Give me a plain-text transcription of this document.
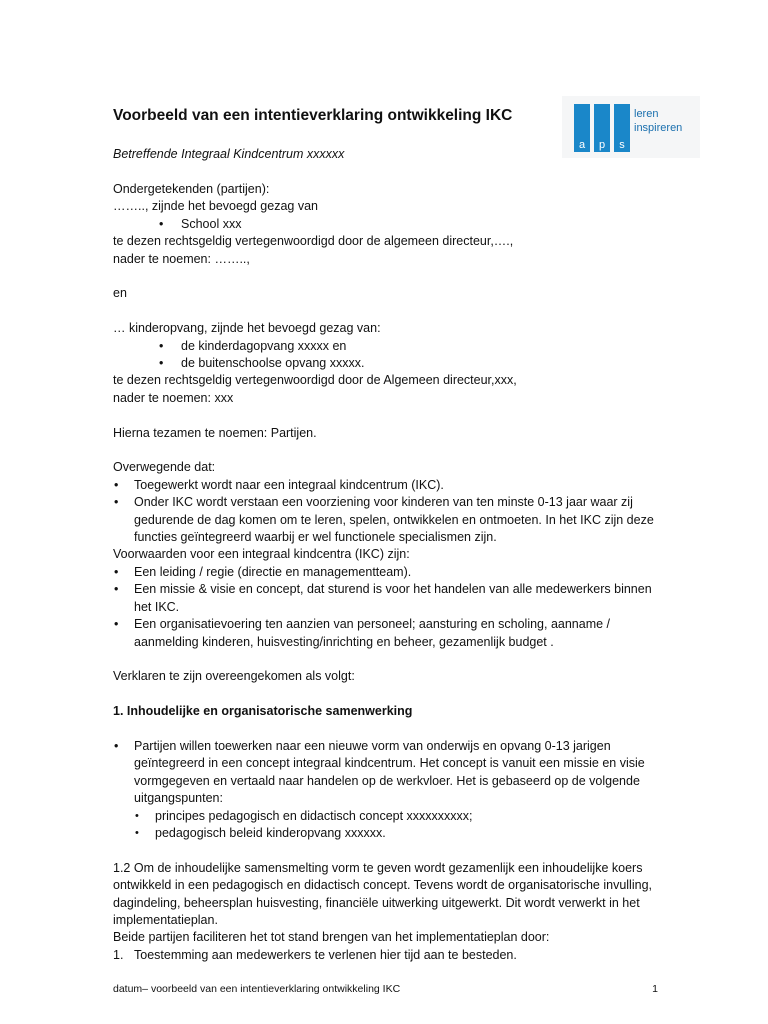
Voorbeeld van een intentieverklaring ontwikkeling IKC
Betreffende Integraal Kindcentrum xxxxxx
a	p	s
leren
inspireren

Ondergetekenden (partijen):

…….., zijnde het bevoegd gezag van

• School xxx

te dezen rechtsgeldig vertegenwoordigd door de algemeen directeur,….,

nader te noemen: ……..,

en

… kinderopvang, zijnde het bevoegd gezag van:

• de kinderdagopvang xxxxx en
• de buitenschoolse opvang xxxxx.

te dezen rechtsgeldig vertegenwoordigd door de Algemeen directeur,xxx,

nader te noemen: xxx

Hierna tezamen te noemen: Partijen.

Overwegende dat:

• Toegewerkt wordt naar een integraal kindcentrum (IKC).
• Onder IKC wordt verstaan een voorziening voor kinderen van ten minste 0-13 jaar waar zij gedurende de dag komen om te leren, spelen, ontwikkelen en ontmoeten. In het IKC zijn deze functies geïntegreerd waarbij er wel functionele specialismen zijn.

Voorwaarden voor een integraal kindcentra (IKC) zijn:

• Een leiding / regie (directie en managementteam).
• Een missie & visie en concept, dat sturend is voor het handelen van alle medewerkers binnen het IKC.
• Een organisatievoering ten aanzien van personeel; aansturing en scholing, aanname / aanmelding kinderen, huisvesting/inrichting en beheer, gezamenlijk budget .

Verklaren te zijn overeengekomen als volgt:

1. Inhoudelijke en organisatorische samenwerking

• Partijen willen toewerken naar een nieuwe vorm van onderwijs en opvang 0-13 jarigen geïntegreerd in een concept integraal kindcentrum. Het concept is vanuit een missie en visie vormgegeven en vertaald naar handelen op de werkvloer. Het is gebaseerd op de volgende uitgangspunten:
• principes pedagogisch en didactisch concept xxxxxxxxxx;
• pedagogisch beleid kinderopvang xxxxxx.

1.2 Om de inhoudelijke samensmelting vorm te geven wordt gezamenlijk een inhoudelijke koers ontwikkeld in een pedagogisch en didactisch concept. Tevens wordt de organisatorische invulling, dagindeling, beheersplan huisvesting, financiële uitwerking uitgewerkt. Dit wordt verwerkt in het implementatieplan.

Beide partijen faciliteren het tot stand brengen van het implementatieplan door:

1. Toestemming aan medewerkers te verlenen hier tijd aan te besteden.
datum– voorbeeld van een intentieverklaring ontwikkeling IKC	1
